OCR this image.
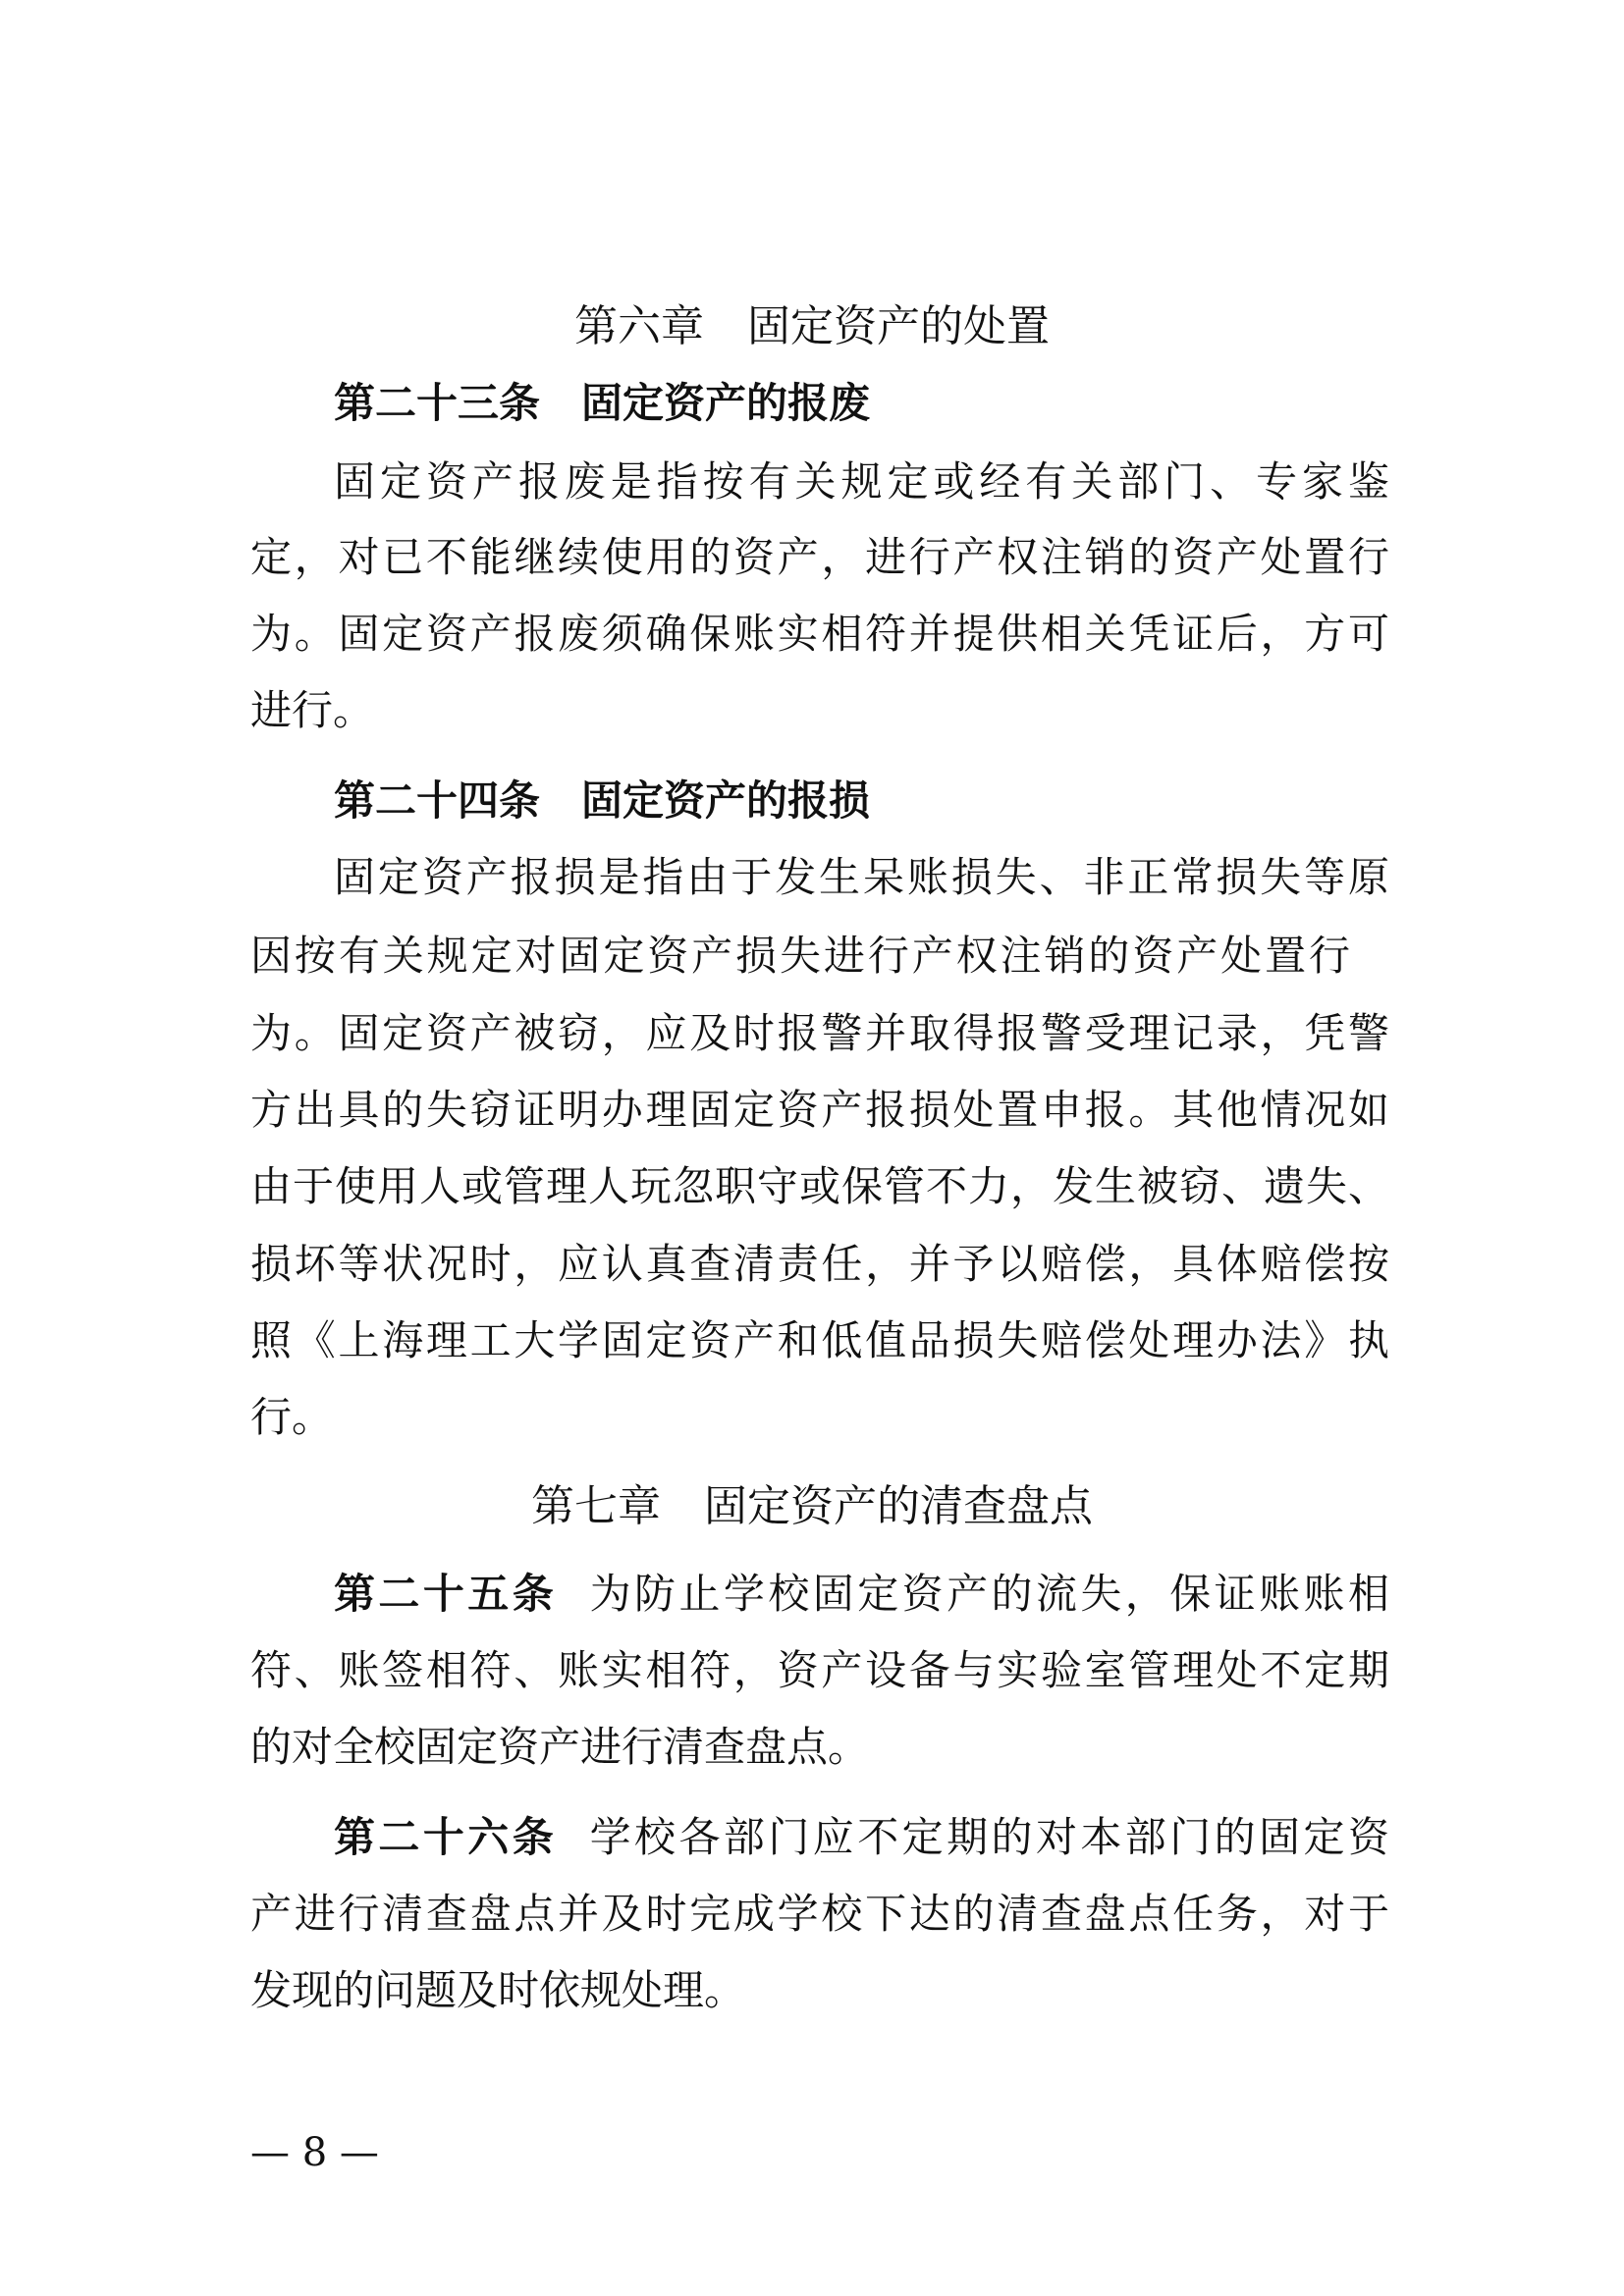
第六章 固定资产的处置
第二十三条 固定资产的报废
固定资产报废是指按有关规定或经有关部门、专家鉴
定，对已不能继续使用的资产，进行产权注销的资产处置行
为。固定资产报废须确保账实相符并提供相关凭证后，方可
进行。
第二十四条 固定资产的报损
固定资产报损是指由于发生呆账损失、非正常损失等原
因按有关规定对固定资产损失进行产权注销的资产处置行
为。固定资产被窃，应及时报警并取得报警受理记录，凭警
方出具的失窃证明办理固定资产报损处置申报。其他情况如
由于使用人或管理人玩忽职守或保管不力，发生被窃、遗失、
损坏等状况时，应认真查清责任，并予以赔偿，具体赔偿按
照《上海理工大学固定资产和低值品损失赔偿处理办法》执
行。
第七章 固定资产的清查盘点
第二十五条 为防止学校固定资产的流失，保证账账相
符、账签相符、账实相符，资产设备与实验室管理处不定期
的对全校固定资产进行清查盘点。
第二十六条 学校各部门应不定期的对本部门的固定资
产进行清查盘点并及时完成学校下达的清查盘点任务，对于
发现的问题及时依规处理。
— 8 —
